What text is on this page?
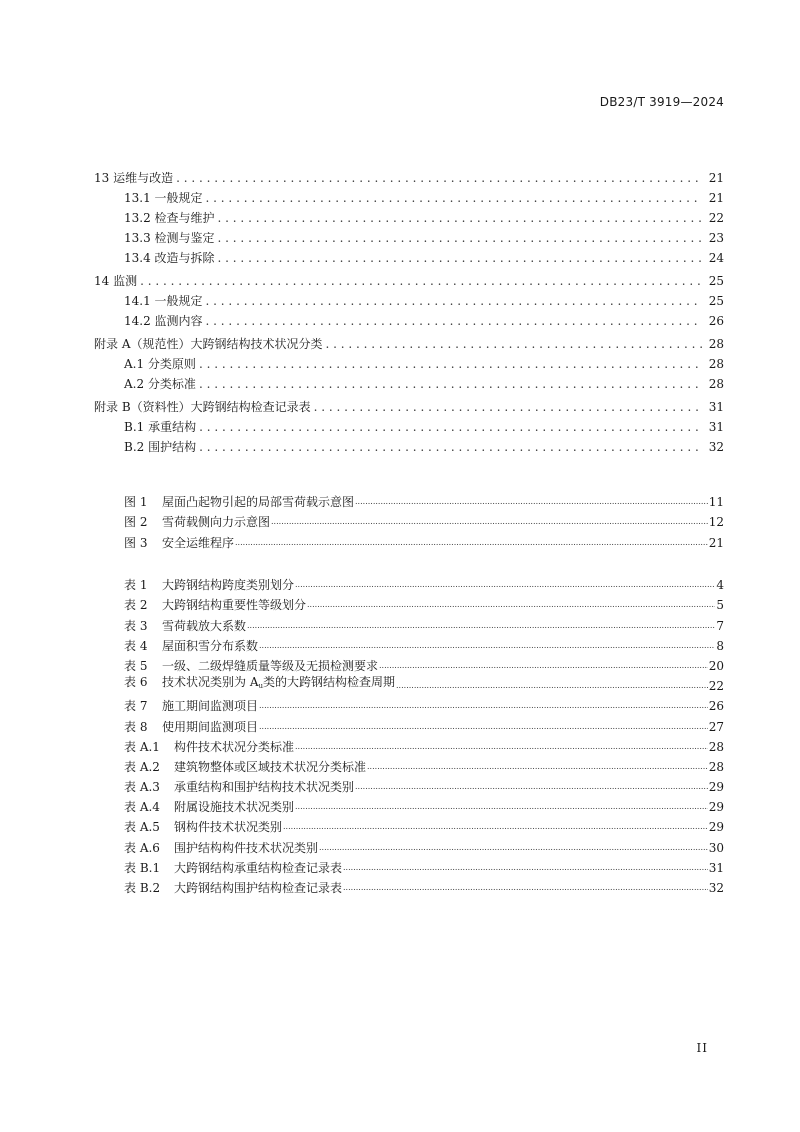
DB23/T 3919—2024
13 运维与改造 . . .	21
13.1 一般规定 . . .	21
13.2 检查与维护 . . .	22
13.3 检测与鉴定 . . .	23
13.4 改造与拆除 . . .	24
14 监测 . . .	25
14.1 一般规定 . . .	25
14.2 监测内容 . . .	26
附录 A（规范性）大跨钢结构技术状况分类 . . .	28
A.1 分类原则 . . .	28
A.2 分类标准 . . .	28
附录 B（资料性）大跨钢结构检查记录表 . . .	31
B.1 承重结构 . . .	31
B.2 围护结构 . . .	32
图 1 屋面凸起物引起的局部雪荷载示意图 .....	11
图 2 雪荷载侧向力示意图 .....	12
图 3 安全运维程序 .....	21
表 1 大跨钢结构跨度类别划分 .....	4
表 2 大跨钢结构重要性等级划分 .....	5
表 3 雪荷载放大系数 .....	7
表 4 屋面积雪分布系数 .....	8
表 5 一级、二级焊缝质量等级及无损检测要求 .....	20
表 6 技术状况类别为 $A_u$类的大跨钢结构检查周期 .....	22
表 7 施工期间监测项目 .....	26
表 8 使用期间监测项目 .....	27
表 A.1 构件技术状况分类标准 .....	28
表 A.2 建筑物整体或区域技术状况分类标准 .....	28
表 A.3 承重结构和围护结构技术状况类别 .....	29
表 A.4 附属设施技术状况类别 .....	29
表 A.5 钢构件技术状况类别 .....	29
表 A.6 围护结构构件技术状况类别 .....	30
表 B.1 大跨钢结构承重结构检查记录表 .....	31
表 B.2 大跨钢结构围护结构检查记录表 .....	32
II
